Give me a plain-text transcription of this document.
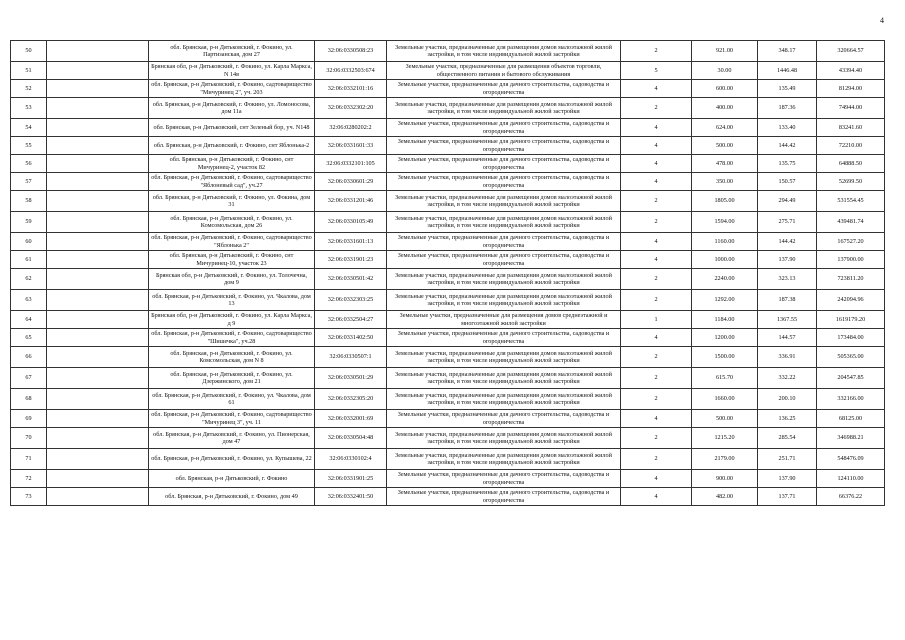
4
50		обл. Брянская, р-н Дятьковский, г. Фокино, ул. Партизанская, дом 27	32:06:0330508:23	Земельные участки, предназначенные для размещения домов малоэтажной жилой застройки, в том числе индивидуальной жилой застройки	2	921.00	348.17	320664.57
51		Брянская обл, р-н Дятьковский, г. Фокино, ул. Карла Маркса, N 14в	32:06:0332503:674	Земельные участки, предназначенные для размещения объектов торговли, общественного питания и бытового обслуживания	5	30.00	1446.48	43394.40
52		обл. Брянская, р-н Дятьковский, г. Фокино, садтоварищество "Мичуринец 2", уч. 203	32:06:0332101:16	Земельные участки, предназначенные для дачного строительства, садоводства и огородничества	4	600.00	135.49	81294.00
53		обл. Брянская, р-н Дятьковский, г. Фокино, ул. Ломоносова, дом 11а	32:06:0332302:20	Земельные участки, предназначенные для размещения домов малоэтажной жилой застройки, в том числе индивидуальной жилой застройки	2	400.00	187.36	74944.00
54		обл. Брянская, р-н Дятьковский, снт Зеленый бор, уч. N148	32:06:0280202:2	Земельные участки, предназначенные для дачного строительства, садоводства и огородничества	4	624.00	133.40	83241.60
55		обл. Брянская, р-н Дятьковский, г. Фокино, снт Яблонька-2	32:06:0331601:33	Земельные участки, предназначенные для дачного строительства, садоводства и огородничества	4	500.00	144.42	72210.00
56		обл. Брянская, р-н Дятьковский, г. Фокино, снт Мичуринец-2, участок 82	32:06:0332101:105	Земельные участки, предназначенные для дачного строительства, садоводства и огородничества	4	478.00	135.75	64888.50
57		обл. Брянская, р-н Дятьковский, г. Фокино, садтоварищество "Яблоневый сад", уч.27	32:06:0330601:29	Земельные участки, предназначенные для дачного строительства, садоводства и огородничества	4	350.00	150.57	52699.50
58		обл. Брянская, р-н Дятьковский, г. Фокино, ул. Фокина, дом 31	32:06:0331201:46	Земельные участки, предназначенные для размещения домов малоэтажной жилой застройки, в том числе индивидуальной жилой застройки	2	1805.00	294.49	531554.45
59		обл. Брянская, р-н Дятьковский, г. Фокино, ул. Комсомольская, дом 26	32:06:0330105:49	Земельные участки, предназначенные для размещения домов малоэтажной жилой застройки, в том числе индивидуальной жилой застройки	2	1594.00	275.71	439481.74
60		обл. Брянская, р-н Дятьковский, г. Фокино, садтоварищество "Яблонька 2"	32:06:0331601:13	Земельные участки, предназначенные для дачного строительства, садоводства и огородничества	4	1160.00	144.42	167527.20
61		обл. Брянская, р-н Дятьковский, г. Фокино, снт Мичуринец-10, участок 23	32:06:0331901:23	Земельные участки, предназначенные для дачного строительства, садоводства и огородничества	4	1000.00	137.90	137900.00
62		Брянская обл, р-н Дятьковский, г. Фокино, ул. Толочечна, дом 9	32:06:0330501:42	Земельные участки, предназначенные для размещения домов малоэтажной жилой застройки, в том числе индивидуальной жилой застройки	2	2240.00	323.13	723811.20
63		обл. Брянская, р-н Дятьковский, г. Фокино, ул. Чкалова, дом 13	32:06:0332303:25	Земельные участки, предназначенные для размещения домов малоэтажной жилой застройки, в том числе индивидуальной жилой застройки	2	1292.00	187.38	242094.96
64		Брянская обл, р-н Дятьковский, г. Фокино, ул. Карла Маркса, д 9	32:06:0332504:27	Земельные участки, предназначенные для размещения домов среднеэтажной и многоэтажной жилой застройки	1	1184.00	1367.55	1619179.20
65		обл. Брянская, р-н Дятьковский, г. Фокино, садтоварищество "Шишечка", уч.28	32:06:0331402:50	Земельные участки, предназначенные для дачного строительства, садоводства и огородничества	4	1200.00	144.57	173484.00
66		обл. Брянская, р-н Дятьковский, г. Фокино, ул. Комсомольская, дом N 8	32:06:0330507:1	Земельные участки, предназначенные для размещения домов малоэтажной жилой застройки, в том числе индивидуальной жилой застройки	2	1500.00	336.91	505365.00
67		обл. Брянская, р-н Дятьковский, г. Фокино, ул. Дзержинского, дом 21	32:06:0330501:29	Земельные участки, предназначенные для размещения домов малоэтажной жилой застройки, в том числе индивидуальной жилой застройки	2	615.70	332.22	204547.85
68		обл. Брянская, р-н Дятьковский, г. Фокино, ул. Чкалова, дом 61	32:06:0332305:20	Земельные участки, предназначенные для размещения домов малоэтажной жилой застройки, в том числе индивидуальной жилой застройки	2	1660.00	200.10	332166.00
69		обл. Брянская, р-н Дятьковский, г. Фокино, садтоварищество "Мичуринец 3", уч. 11	32:06:0332001:69	Земельные участки, предназначенные для дачного строительства, садоводства и огородничества	4	500.00	136.25	68125.00
70		обл. Брянская, р-н Дятьковский, г. Фокино, ул. Пионерская, дом 47	32:06:0330504:48	Земельные участки, предназначенные для размещения домов малоэтажной жилой застройки, в том числе индивидуальной жилой застройки	2	1215.20	285.54	346988.21
71		обл. Брянская, р-н Дятьковский, г. Фокино, ул. Купышева, 22	32:06:0330102:4	Земельные участки, предназначенные для размещения домов малоэтажной жилой застройки, в том числе индивидуальной жилой застройки	2	2179.00	251.71	548476.09
72		обл. Брянская, р-н Дятьковский, г. Фокино	32:06:0331901:25	Земельные участки, предназначенные для дачного строительства, садоводства и огородничества	4	900.00	137.90	124110.00
73		обл. Брянская, р-н Дятьковский, г. Фокино, дом 49	32:06:0332401:50	Земельные участки, предназначенные для дачного строительства, садоводства и огородничества	4	482.00	137.71	66376.22
